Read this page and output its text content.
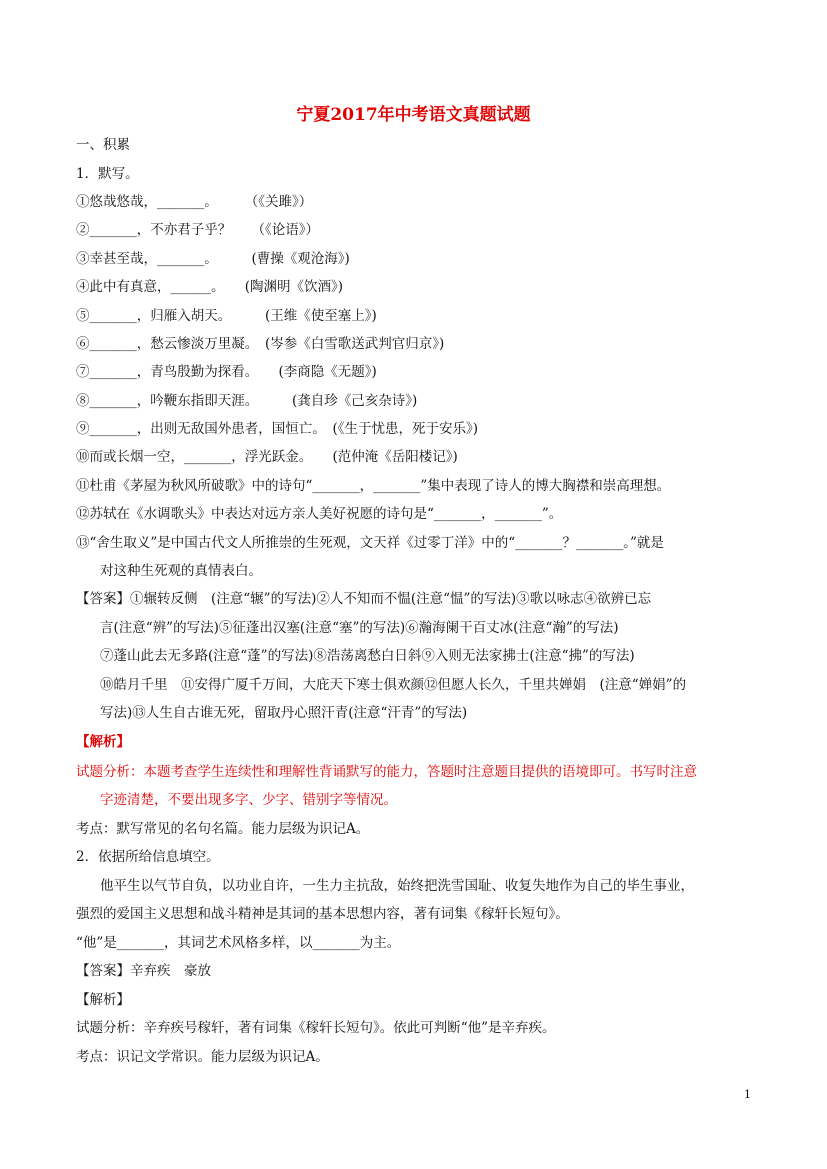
宁夏2017年中考语文真题试题
一、积累
1．默写。
①悠哉悠哉，_______。　　　（《关雎》）
②_______，不亦君子乎？　　（《论语》）
③幸甚至哉，_______。　　　(曹操《观沧海》)
④此中有真意，______。　　(陶渊明《饮酒》)
⑤_______，归雁入胡天。　　　(王维《使至塞上》)
⑥_______，愁云惨淡万里凝。　(岑参《白雪歌送武判官归京》)
⑦_______，青鸟殷勤为探看。　　(李商隐《无题》)
⑧_______，吟鞭东指即天涯。　　　(龚自珍《己亥杂诗》)
⑨_______，出则无敌国外患者，国恒亡。　(《生于忧患，死于安乐》)
⑩而或长烟一空，_______，浮光跃金。　　(范仲淹《岳阳楼记》)
⑪杜甫《茅屋为秋风所破歌》中的诗句“_______，_______”集中表现了诗人的博大胸襟和崇高理想。
⑫苏轼在《水调歌头》中表达对远方亲人美好祝愿的诗句是“_______，_______”。
⑬“舍生取义”是中国古代文人所推崇的生死观，文天祥《过零丁洋》中的“_______？_______。”就是
对这种生死观的真情表白。
【答案】①辗转反侧　(注意“辗”的写法)②人不知而不愠(注意“愠”的写法)③歌以咏志④欲辨已忘
言(注意“辨”的写法)⑤征蓬出汉塞(注意“塞”的写法)⑥瀚海阑干百丈冰(注意“瀚”的写法)
⑦蓬山此去无多路(注意“蓬”的写法)⑧浩荡离愁白日斜⑨入则无法家拂士(注意“拂”的写法)
⑩皓月千里　⑪安得广厦千万间，大庇天下寒士俱欢颜⑫但愿人长久，千里共婵娟　(注意“婵娟”的
写法)⑬人生自古谁无死，留取丹心照汗青(注意“汗青”的写法)
【解析】
试题分析：本题考查学生连续性和理解性背诵默写的能力，答题时注意题目提供的语境即可。书写时注意
字迹清楚，不要出现多字、少字、错别字等情况。
考点：默写常见的名句名篇。能力层级为识记A。
2．依据所给信息填空。
他平生以气节自负，以功业自许，一生力主抗敌，始终把洗雪国耻、收复失地作为自己的毕生事业，
强烈的爱国主义思想和战斗精神是其词的基本思想内容，著有词集《稼轩长短句》。
“他”是_______，其词艺术风格多样，以_______为主。
【答案】辛弃疾　豪放
【解析】
试题分析：辛弃疾号稼轩，著有词集《稼轩长短句》。依此可判断“他”是辛弃疾。
考点：识记文学常识。能力层级为识记A。
1
